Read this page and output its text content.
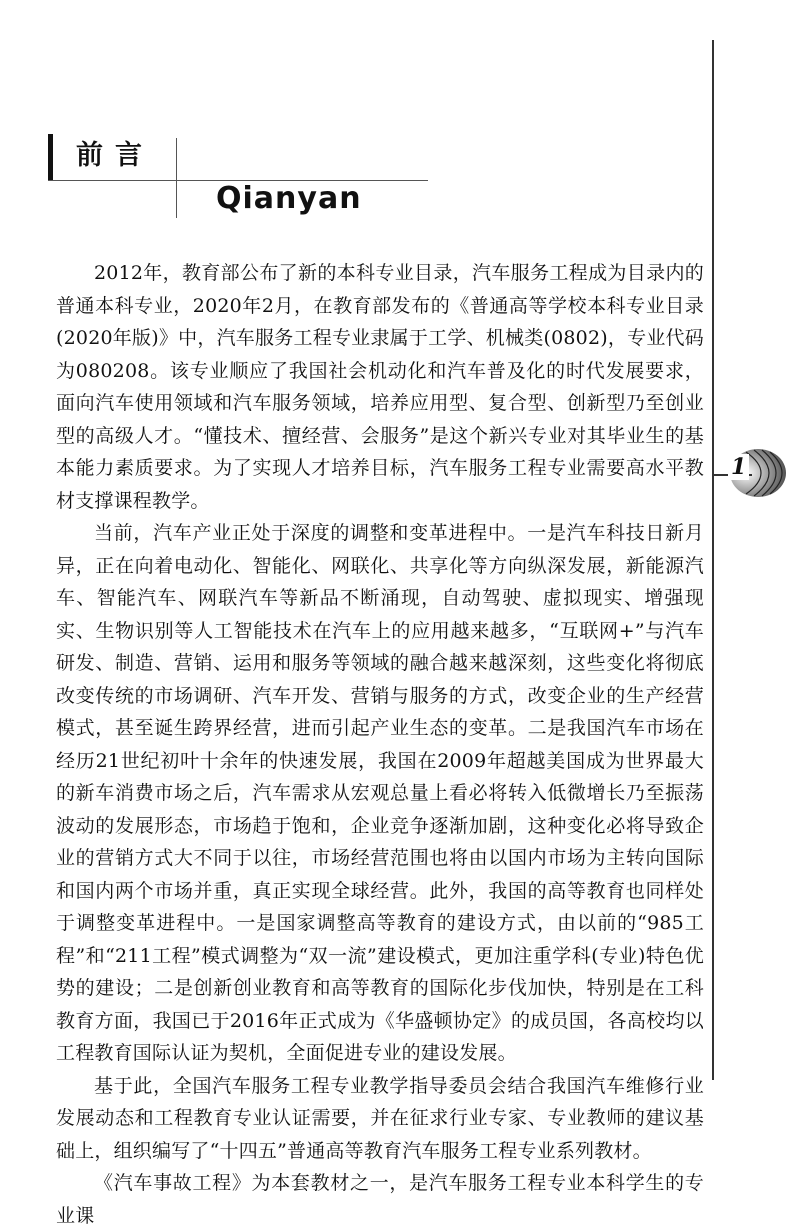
1
前言
Qianyan

2012年，教育部公布了新的本科专业目录，汽车服务工程成为目录内的普通本科专业，2020年2月，在教育部发布的《普通高等学校本科专业目录(2020年版)》中，汽车服务工程专业隶属于工学、机械类(0802)，专业代码为080208。该专业顺应了我国社会机动化和汽车普及化的时代发展要求，面向汽车使用领域和汽车服务领域，培养应用型、复合型、创新型乃至创业型的高级人才。“懂技术、擅经营、会服务”是这个新兴专业对其毕业生的基本能力素质要求。为了实现人才培养目标，汽车服务工程专业需要高水平教材支撑课程教学。

当前，汽车产业正处于深度的调整和变革进程中。一是汽车科技日新月异，正在向着电动化、智能化、网联化、共享化等方向纵深发展，新能源汽车、智能汽车、网联汽车等新品不断涌现，自动驾驶、虚拟现实、增强现实、生物识别等人工智能技术在汽车上的应用越来越多，“互联网+”与汽车研发、制造、营销、运用和服务等领域的融合越来越深刻，这些变化将彻底改变传统的市场调研、汽车开发、营销与服务的方式，改变企业的生产经营模式，甚至诞生跨界经营，进而引起产业生态的变革。二是我国汽车市场在经历21世纪初叶十余年的快速发展，我国在2009年超越美国成为世界最大的新车消费市场之后，汽车需求从宏观总量上看必将转入低微增长乃至振荡波动的发展形态，市场趋于饱和，企业竞争逐渐加剧，这种变化必将导致企业的营销方式大不同于以往，市场经营范围也将由以国内市场为主转向国际和国内两个市场并重，真正实现全球经营。此外，我国的高等教育也同样处于调整变革进程中。一是国家调整高等教育的建设方式，由以前的“985工程”和“211工程”模式调整为“双一流”建设模式，更加注重学科(专业)特色优势的建设；二是创新创业教育和高等教育的国际化步伐加快，特别是在工科教育方面，我国已于2016年正式成为《华盛顿协定》的成员国，各高校均以工程教育国际认证为契机，全面促进专业的建设发展。

基于此，全国汽车服务工程专业教学指导委员会结合我国汽车维修行业发展动态和工程教育专业认证需要，并在征求行业专家、专业教师的建议基础上，组织编写了“十四五”普通高等教育汽车服务工程专业系列教材。

《汽车事故工程》为本套教材之一，是汽车服务工程专业本科学生的专业课
